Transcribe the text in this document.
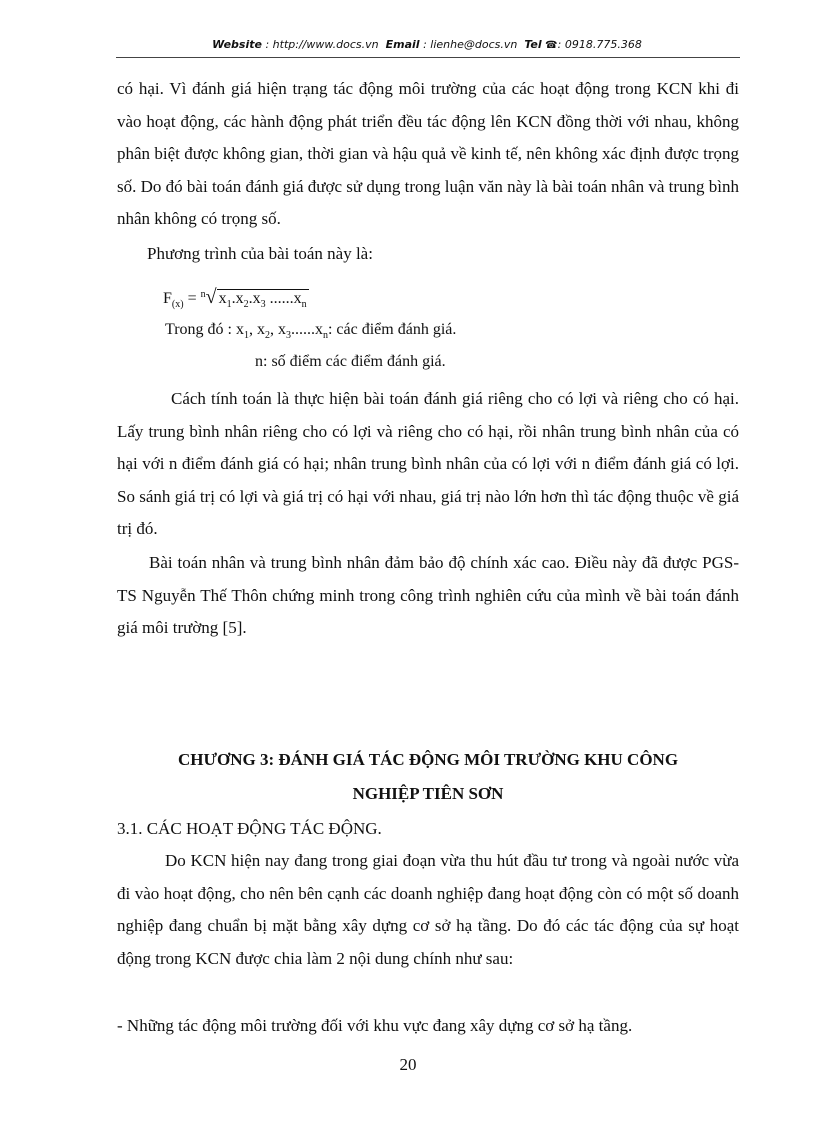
Website : http://www.docs.vn Email : lienhe@docs.vn Tel ☎: 0918.775.368

có hại. Vì đánh giá hiện trạng tác động môi trường của các hoạt động trong KCN khi đi vào hoạt động, các hành động phát triển đều tác động lên KCN đồng thời với nhau, không phân biệt được không gian, thời gian và hậu quả về kinh tế, nên không xác định được trọng số. Do đó bài toán đánh giá được sử dụng trong luận văn này là bài toán nhân và trung bình nhân không có trọng số.

Phương trình của bài toán này là:
$F_{(x)} = ^n√$ $x_1.x_2.x_3$ $......x_n$
Trong đó : $x_1$, $x_2$, $x_3......x_n$: các điểm đánh giá.
n: số điểm các điểm đánh giá.

Cách tính toán là thực hiện bài toán đánh giá riêng cho có lợi và riêng cho có hại. Lấy trung bình nhân riêng cho có lợi và riêng cho có hại, rồi nhân trung bình nhân của có hại với n điểm đánh giá có hại; nhân trung bình nhân của có lợi với n điểm đánh giá có lợi. So sánh giá trị có lợi và giá trị có hại với nhau, giá trị nào lớn hơn thì tác động thuộc về giá trị đó.

Bài toán nhân và trung bình nhân đảm bảo độ chính xác cao. Điều này đã được PGS-TS Nguyễn Thế Thôn chứng minh trong công trình nghiên cứu của mình về bài toán đánh giá môi trường [5].

CHƯƠNG 3: ĐÁNH GIÁ TÁC ĐỘNG MÔI TRƯỜNG KHU CÔNG
NGHIỆP TIÊN SƠN
3.1. CÁC HOẠT ĐỘNG TÁC ĐỘNG.

Do KCN hiện nay đang trong giai đoạn vừa thu hút đầu tư trong và ngoài nước vừa đi vào hoạt động, cho nên bên cạnh các doanh nghiệp đang hoạt động còn có một số doanh nghiệp đang chuẩn bị mặt bằng xây dựng cơ sở hạ tầng. Do đó các tác động của sự hoạt động trong KCN được chia làm 2 nội dung chính như sau:

- Những tác động môi trường đối với khu vực đang xây dựng cơ sở hạ tầng.
20
